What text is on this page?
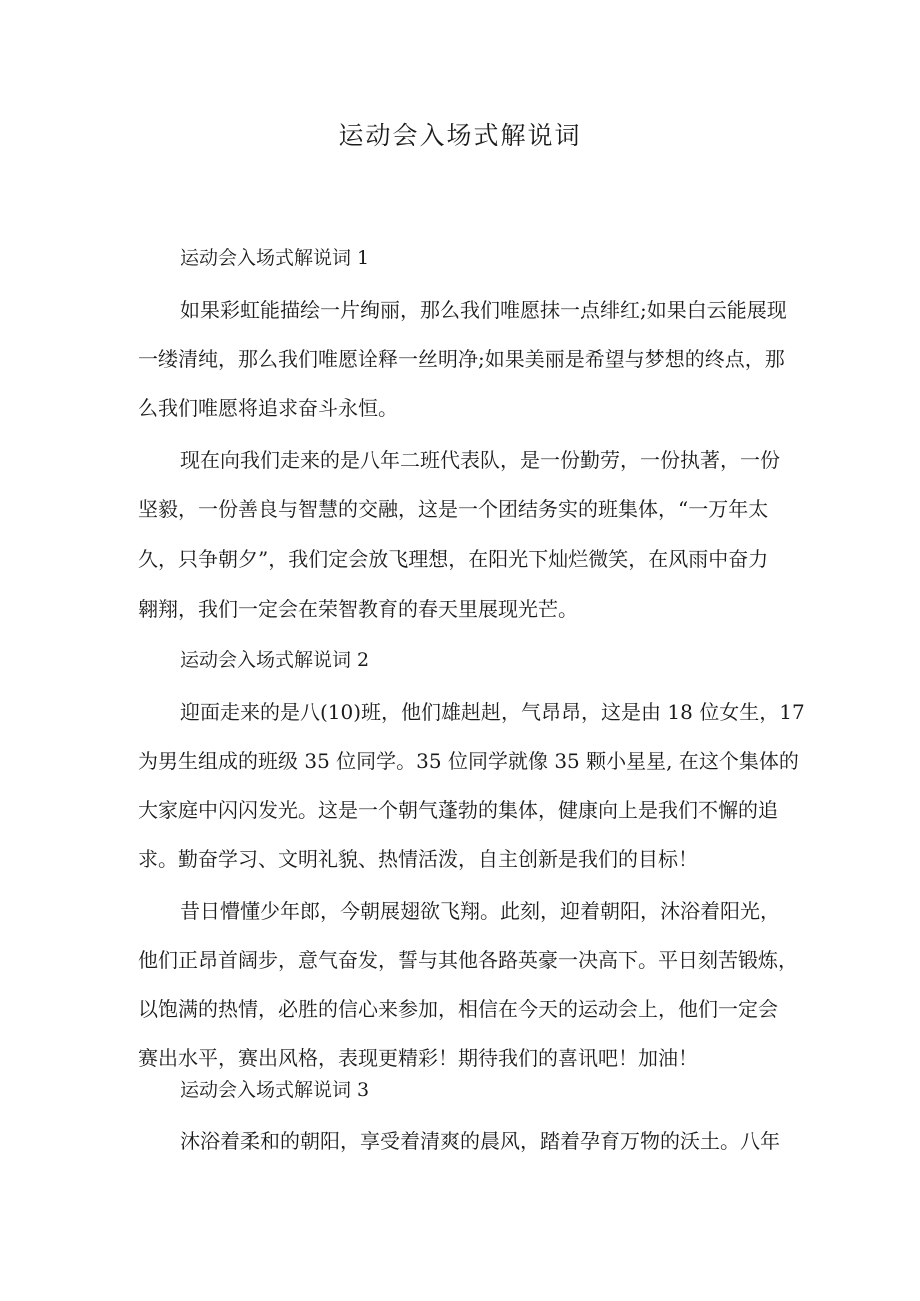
运动会入场式解说词
运动会入场式解说词 1

如果彩虹能描绘一片绚丽，那么我们唯愿抹一点绯红;如果白云能展现

一缕清纯，那么我们唯愿诠释一丝明净;如果美丽是希望与梦想的终点，那

么我们唯愿将追求奋斗永恒。

现在向我们走来的是八年二班代表队，是一份勤劳，一份执著，一份

坚毅，一份善良与智慧的交融，这是一个团结务实的班集体，“一万年太

久，只争朝夕”，我们定会放飞理想，在阳光下灿烂微笑，在风雨中奋力

翱翔，我们一定会在荣智教育的春天里展现光芒。

运动会入场式解说词 2

迎面走来的是八(10)班，他们雄赳赳，气昂昂，这是由 18 位女生，17

为男生组成的班级 35 位同学。35 位同学就像 35 颗小星星, 在这个集体的

大家庭中闪闪发光。这是一个朝气蓬勃的集体，健康向上是我们不懈的追

求。勤奋学习、文明礼貌、热情活泼，自主创新是我们的目标！

昔日懵懂少年郎，今朝展翅欲飞翔。此刻，迎着朝阳，沐浴着阳光，

他们正昂首阔步，意气奋发，誓与其他各路英豪一决高下。平日刻苦锻炼，

以饱满的热情，必胜的信心来参加，相信在今天的运动会上，他们一定会

赛出水平，赛出风格，表现更精彩！期待我们的喜讯吧！加油！

运动会入场式解说词 3

沐浴着柔和的朝阳，享受着清爽的晨风，踏着孕育万物的沃土。八年
